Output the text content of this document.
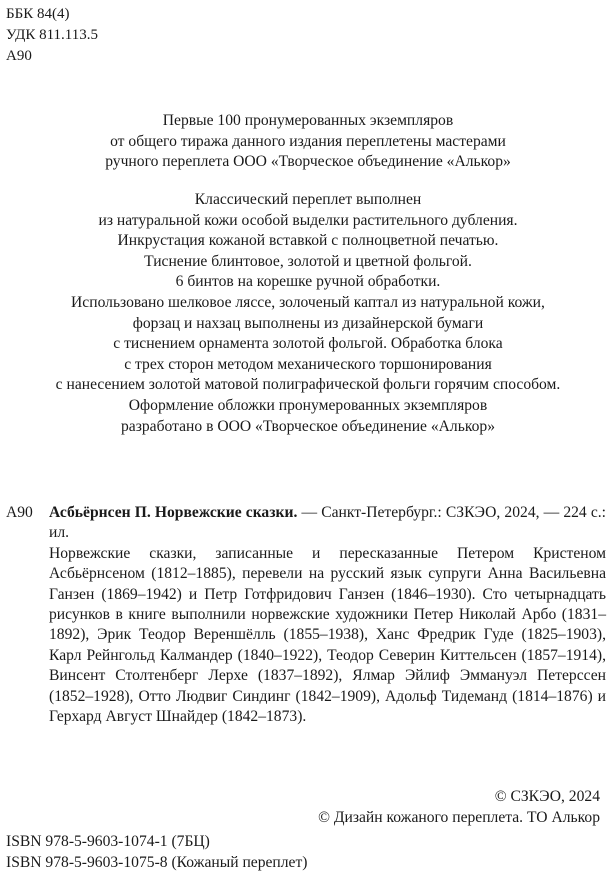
ББК 84(4)
УДК 811.113.5
А90
Первые 100 пронумерованных экземпляров
от общего тиража данного издания переплетены мастерами
ручного переплета ООО «Творческое объединение «Алькор»
Классический переплет выполнен
из натуральной кожи особой выделки растительного дубления.
Инкрустация кожаной вставкой с полноцветной печатью.
Тиснение блинтовое, золотой и цветной фольгой.
6 бинтов на корешке ручной обработки.
Использовано шелковое ляссе, золоченый каптал из натуральной кожи,
форзац и нахзац выполнены из дизайнерской бумаги
с тиснением орнамента золотой фольгой. Обработка блока
с трех сторон методом механического торшонирования
с нанесением золотой матовой полиграфической фольги горячим способом.
Оформление обложки пронумерованных экземпляров
разработано в ООО «Творческое объединение «Алькор»
А90 Асбьёрнсен П. Норвежские сказки. — Санкт-Петербург.: СЗКЭО, 2024, — 224 с.: ил.
Норвежские сказки, записанные и пересказанные Петером Кристеном Асбьёрнсеном (1812–1885), перевели на русский язык супруги Анна Васильевна Ганзен (1869–1942) и Петр Готфридович Ганзен (1846–1930). Сто четырнадцать рисунков в книге выполнили норвежские художники Петер Николай Арбо (1831–1892), Эрик Теодор Вереншёлль (1855–1938), Ханс Фредрик Гуде (1825–1903), Карл Рейнгольд Калмандер (1840–1922), Теодор Северин Киттельсен (1857–1914), Винсент Столтенберг Лерхе (1837–1892), Ялмар Эйлиф Эммануэл Петерссен (1852–1928), Отто Людвиг Синдинг (1842–1909), Адольф Тидеманд (1814–1876) и Герхард Август Шнайдер (1842–1873).
© СЗКЭО, 2024
© Дизайн кожаного переплета. ТО Алькор
ISBN 978-5-9603-1074-1 (7БЦ)
ISBN 978-5-9603-1075-8 (Кожаный переплет)
